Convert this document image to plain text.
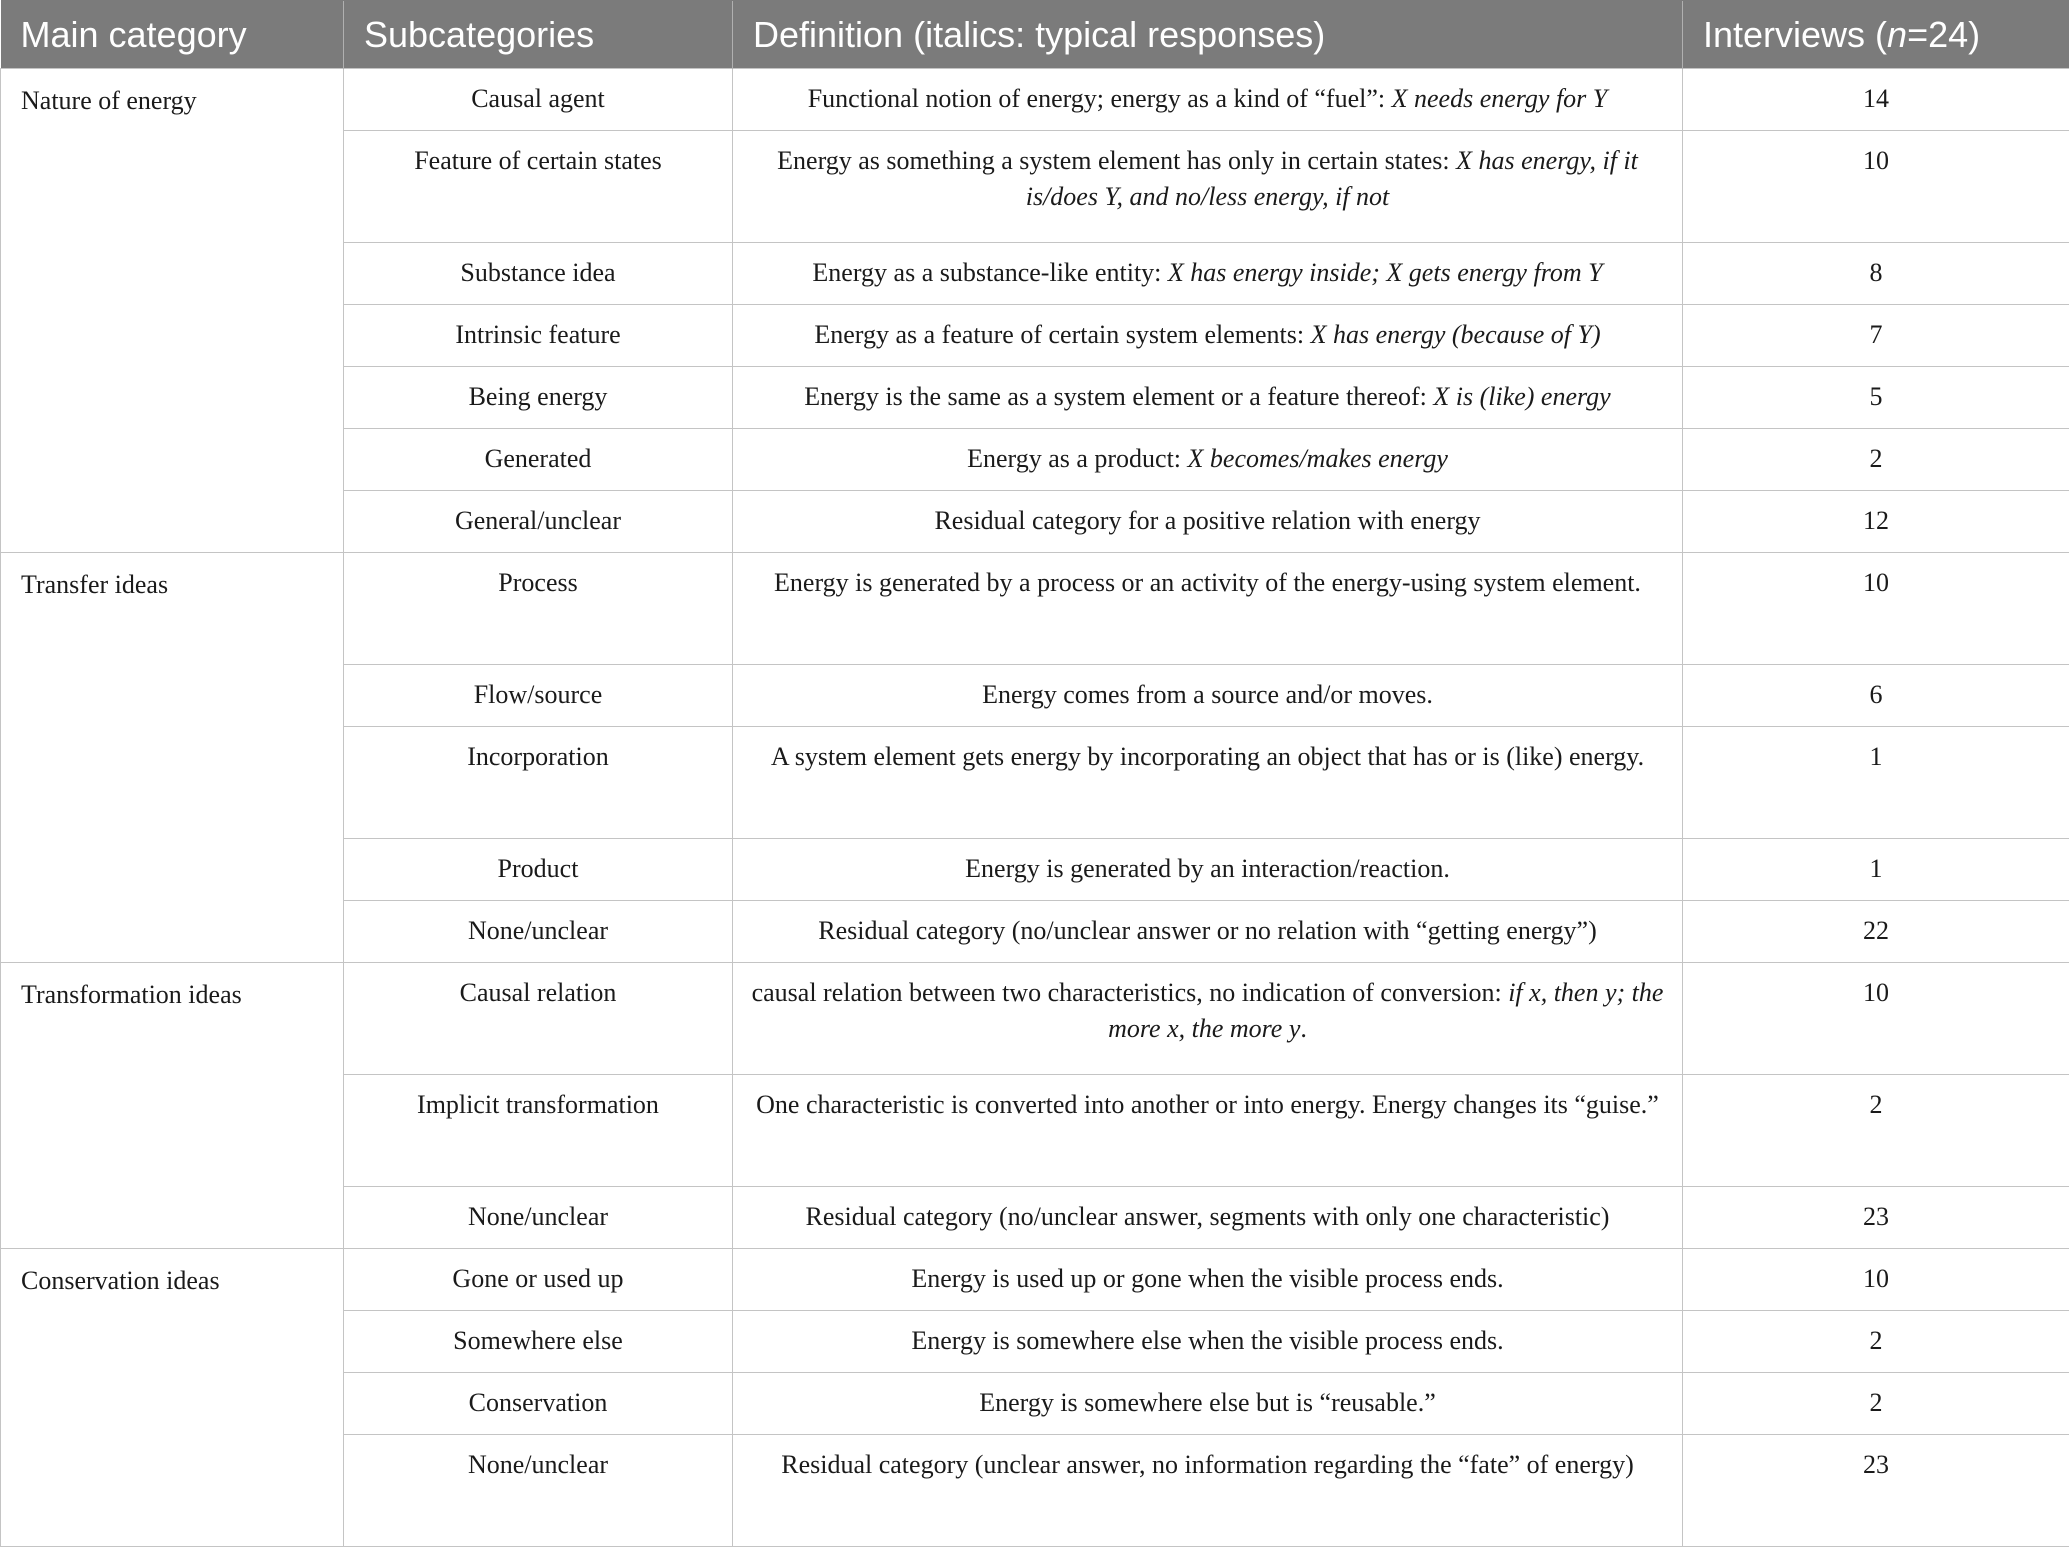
Main category	Subcategories	Definition (italics: typical responses)	Interviews (n=24)
Nature of energy	Causal agent	Functional notion of energy; energy as a kind of “fuel”: X needs energy for Y	14
	Feature of certain states	Energy as something a system element has only in certain states: X has energy, if it is/does Y, and no/less energy, if not	10
	Substance idea	Energy as a substance-like entity: X has energy inside; X gets energy from Y	8
	Intrinsic feature	Energy as a feature of certain system elements: X has energy (because of Y)	7
	Being energy	Energy is the same as a system element or a feature thereof: X is (like) energy	5
	Generated	Energy as a product: X becomes/makes energy	2
	General/unclear	Residual category for a positive relation with energy	12
Transfer ideas	Process	Energy is generated by a process or an activity of the energy-using system element.	10
	Flow/source	Energy comes from a source and/or moves.	6
	Incorporation	A system element gets energy by incorporating an object that has or is (like) energy.	1
	Product	Energy is generated by an interaction/reaction.	1
	None/unclear	Residual category (no/unclear answer or no relation with “getting energy”)	22
Transformation ideas	Causal relation	causal relation between two characteristics, no indication of conversion: if x, then y; the more x, the more y.	10
	Implicit transformation	One characteristic is converted into another or into energy. Energy changes its “guise.”	2
	None/unclear	Residual category (no/unclear answer, segments with only one characteristic)	23
Conservation ideas	Gone or used up	Energy is used up or gone when the visible process ends.	10
	Somewhere else	Energy is somewhere else when the visible process ends.	2
	Conservation	Energy is somewhere else but is “reusable.”	2
	None/unclear	Residual category (unclear answer, no information regarding the “fate” of energy)	23
